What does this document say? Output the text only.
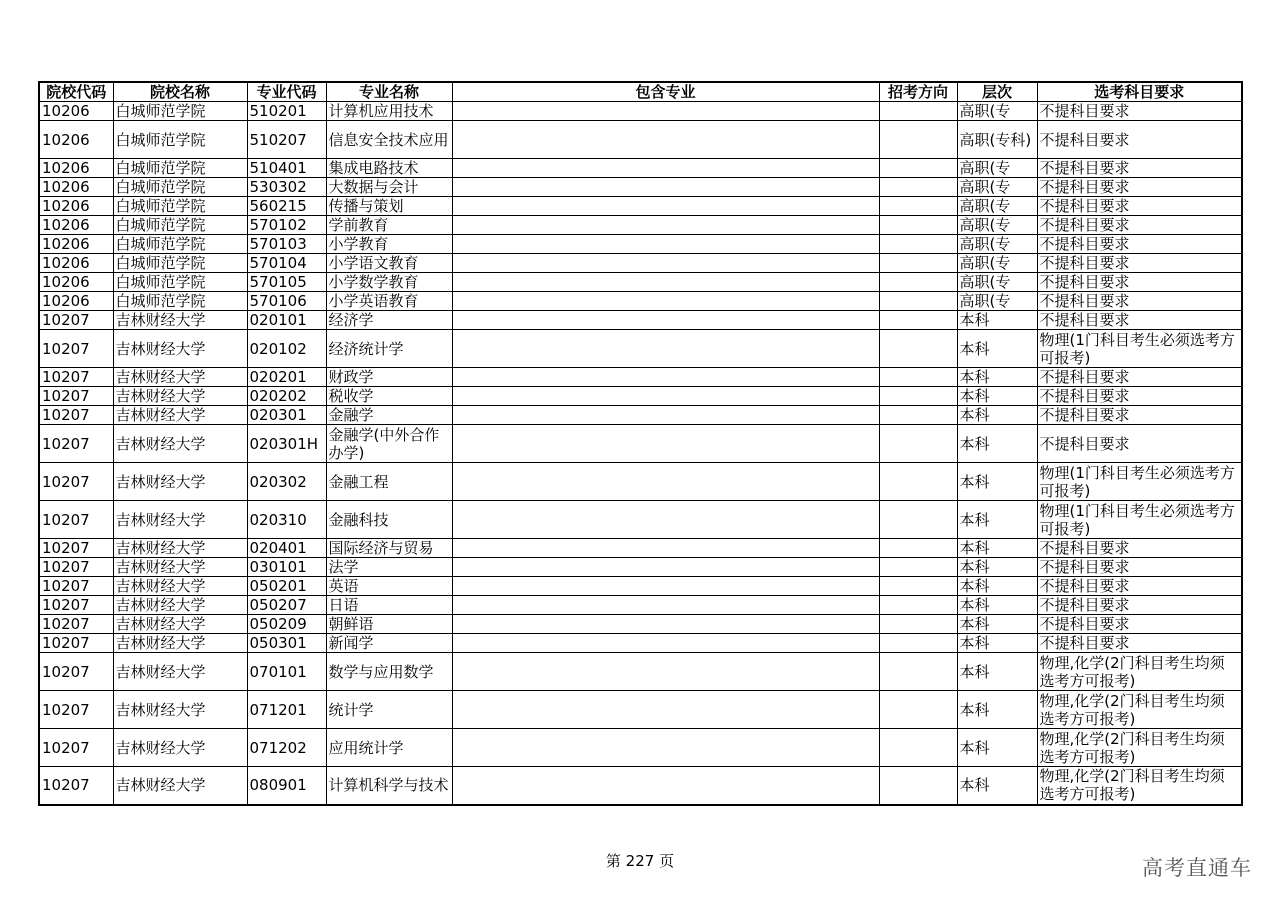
院校代码	院校名称	专业代码	专业名称	包含专业	招考方向	层次	选考科目要求
10206	白城师范学院	510201	计算机应用技术			高职(专	不提科目要求
10206	白城师范学院	510207	信息安全技术应用			高职(专科)	不提科目要求
10206	白城师范学院	510401	集成电路技术			高职(专	不提科目要求
10206	白城师范学院	530302	大数据与会计			高职(专	不提科目要求
10206	白城师范学院	560215	传播与策划			高职(专	不提科目要求
10206	白城师范学院	570102	学前教育			高职(专	不提科目要求
10206	白城师范学院	570103	小学教育			高职(专	不提科目要求
10206	白城师范学院	570104	小学语文教育			高职(专	不提科目要求
10206	白城师范学院	570105	小学数学教育			高职(专	不提科目要求
10206	白城师范学院	570106	小学英语教育			高职(专	不提科目要求
10207	吉林财经大学	020101	经济学			本科	不提科目要求
10207	吉林财经大学	020102	经济统计学			本科	物理(1门科目考生必须选考方可报考)
10207	吉林财经大学	020201	财政学			本科	不提科目要求
10207	吉林财经大学	020202	税收学			本科	不提科目要求
10207	吉林财经大学	020301	金融学			本科	不提科目要求
10207	吉林财经大学	020301H	金融学(中外合作办学)			本科	不提科目要求
10207	吉林财经大学	020302	金融工程			本科	物理(1门科目考生必须选考方可报考)
10207	吉林财经大学	020310	金融科技			本科	物理(1门科目考生必须选考方可报考)
10207	吉林财经大学	020401	国际经济与贸易			本科	不提科目要求
10207	吉林财经大学	030101	法学			本科	不提科目要求
10207	吉林财经大学	050201	英语			本科	不提科目要求
10207	吉林财经大学	050207	日语			本科	不提科目要求
10207	吉林财经大学	050209	朝鲜语			本科	不提科目要求
10207	吉林财经大学	050301	新闻学			本科	不提科目要求
10207	吉林财经大学	070101	数学与应用数学			本科	物理,化学(2门科目考生均须选考方可报考)
10207	吉林财经大学	071201	统计学			本科	物理,化学(2门科目考生均须选考方可报考)
10207	吉林财经大学	071202	应用统计学			本科	物理,化学(2门科目考生均须选考方可报考)
10207	吉林财经大学	080901	计算机科学与技术			本科	物理,化学(2门科目考生均须选考方可报考)
第 227 页	高考直通车
